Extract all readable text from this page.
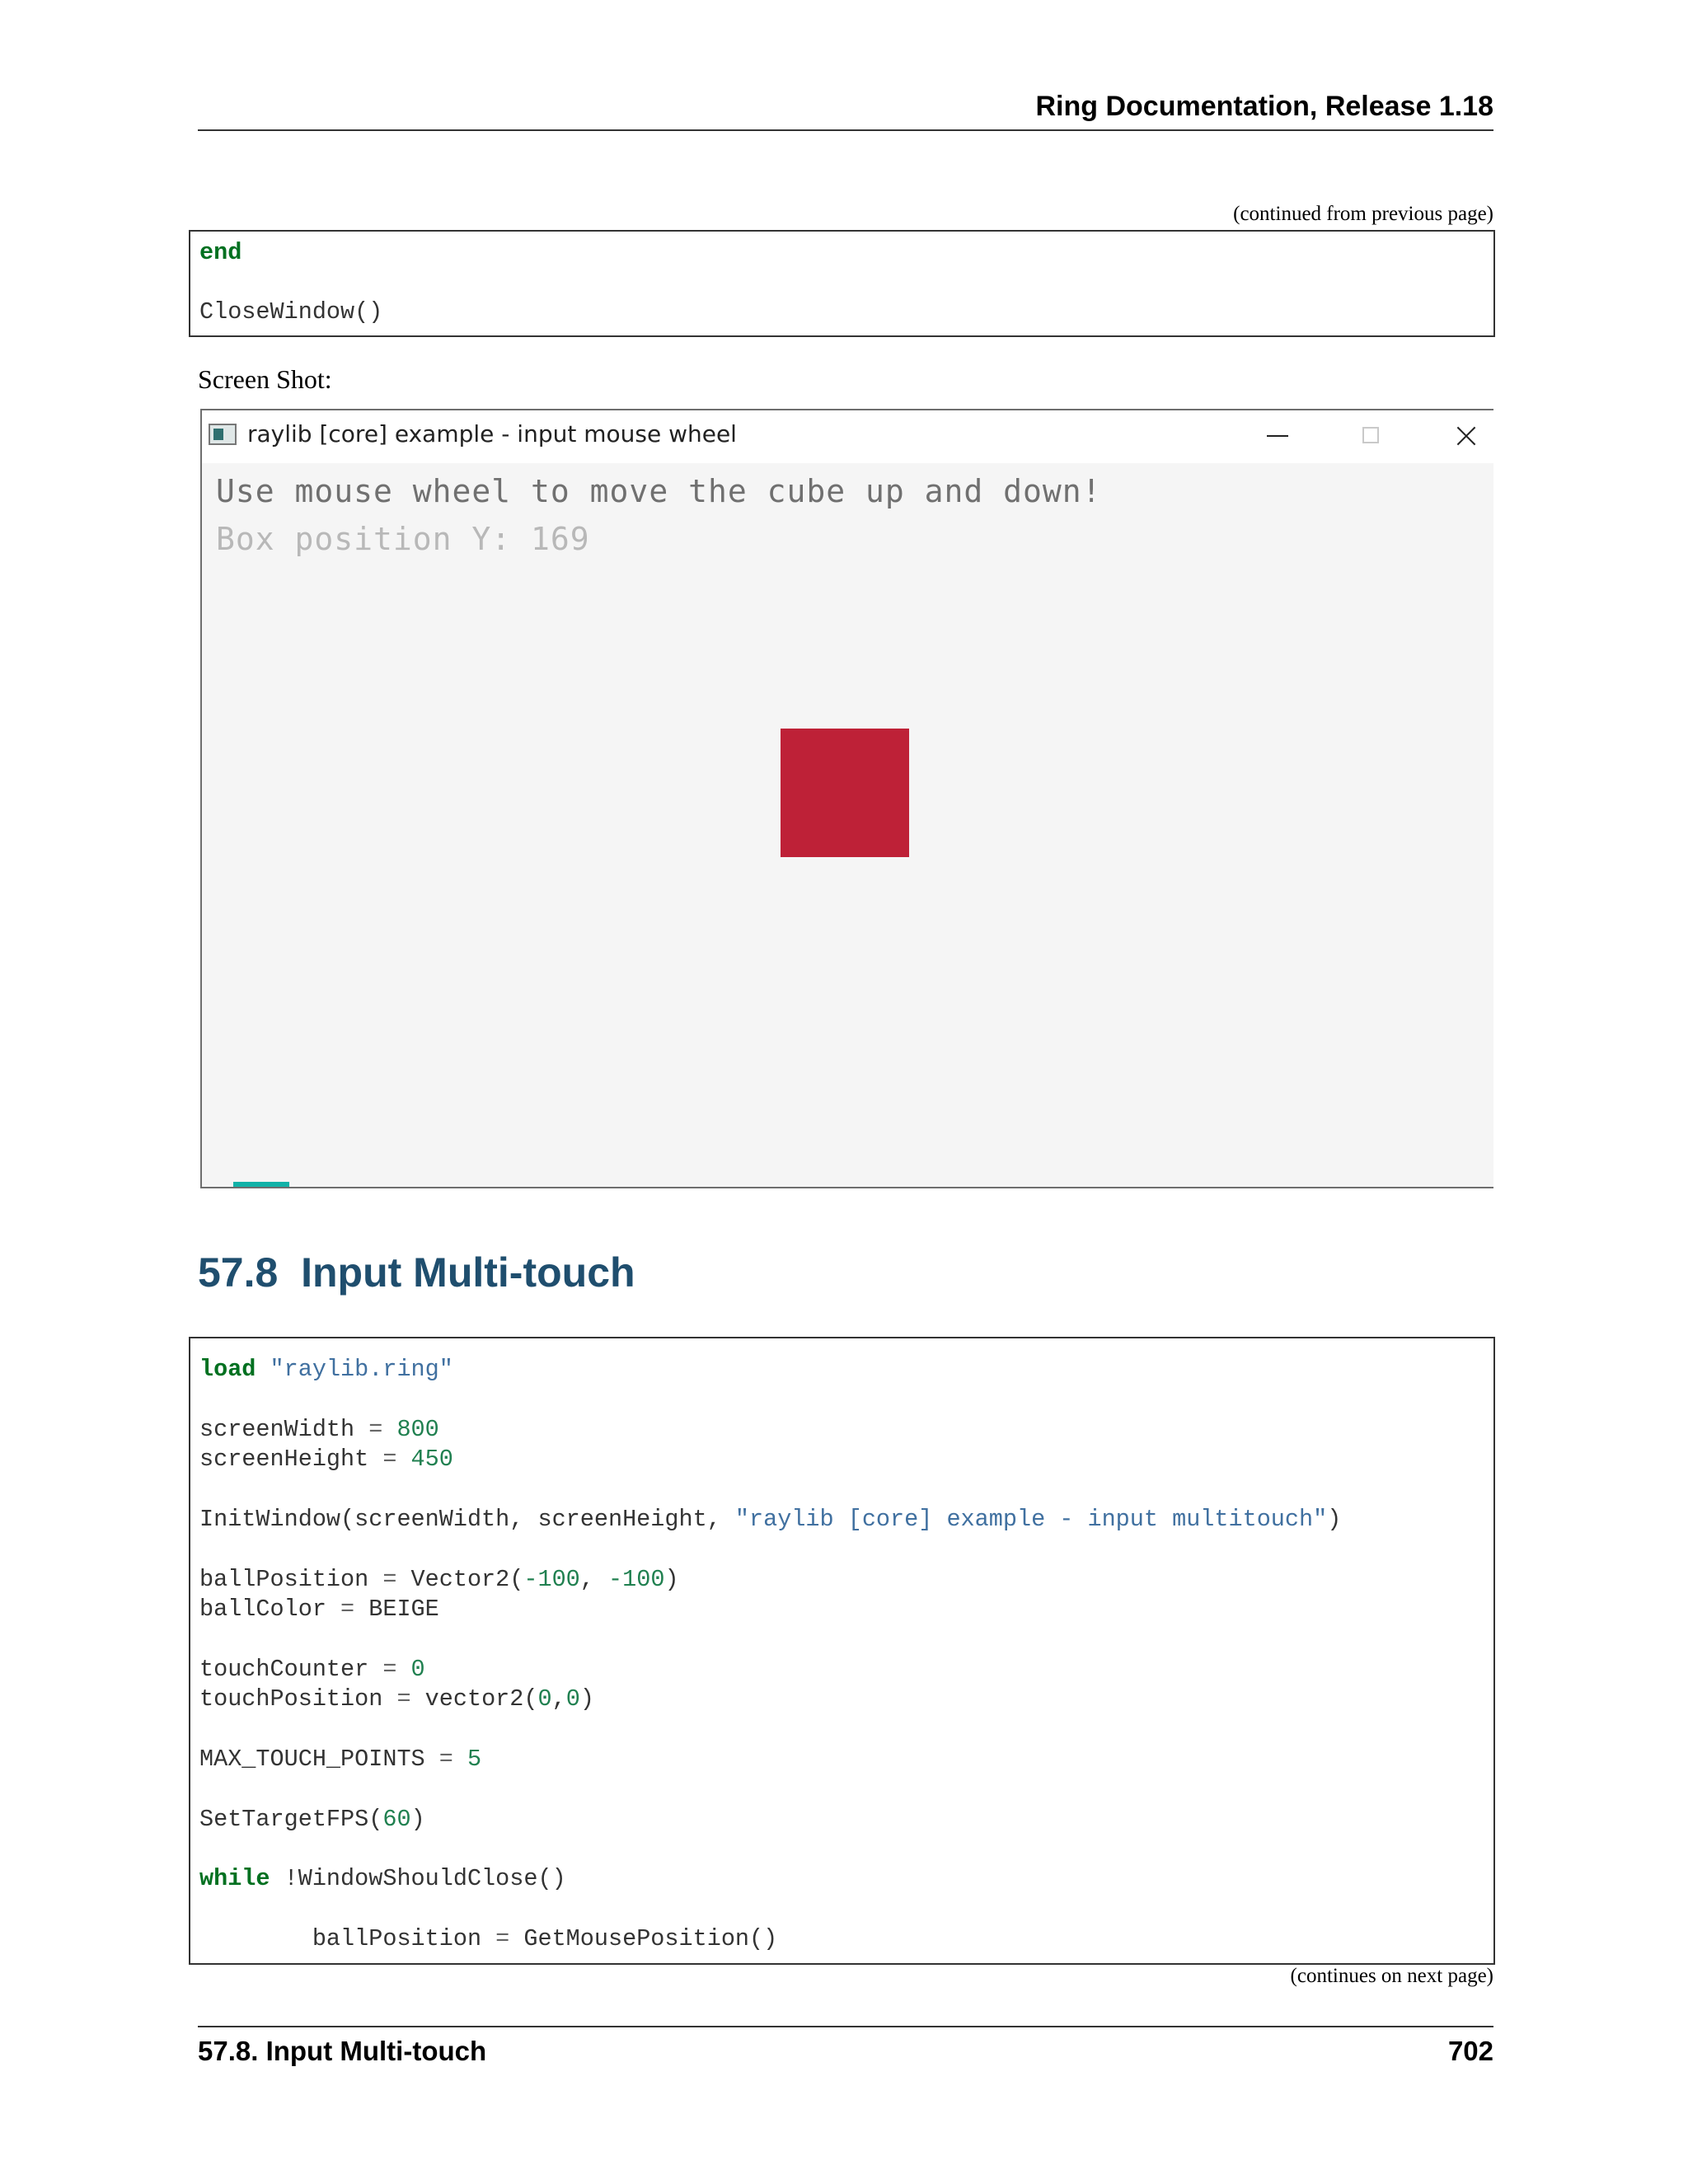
Ring Documentation, Release 1.18
(continued from previous page)
end
CloseWindow()
Screen Shot:
raylib [core] example - input mouse wheel
Use mouse wheel to move the cube up and down!
Box position Y: 169
57.8 Input Multi-touch
load "raylib.ring"
screenWidth = 800
screenHeight = 450
InitWindow(screenWidth, screenHeight, "raylib [core] example - input multitouch")
ballPosition = Vector2(-100, -100)
ballColor = BEIGE
touchCounter = 0
touchPosition = vector2(0,0)
MAX_TOUCH_POINTS = 5
SetTargetFPS(60)
while !WindowShouldClose()
ballPosition = GetMousePosition()
(continues on next page)
57.8. Input Multi-touch	702
